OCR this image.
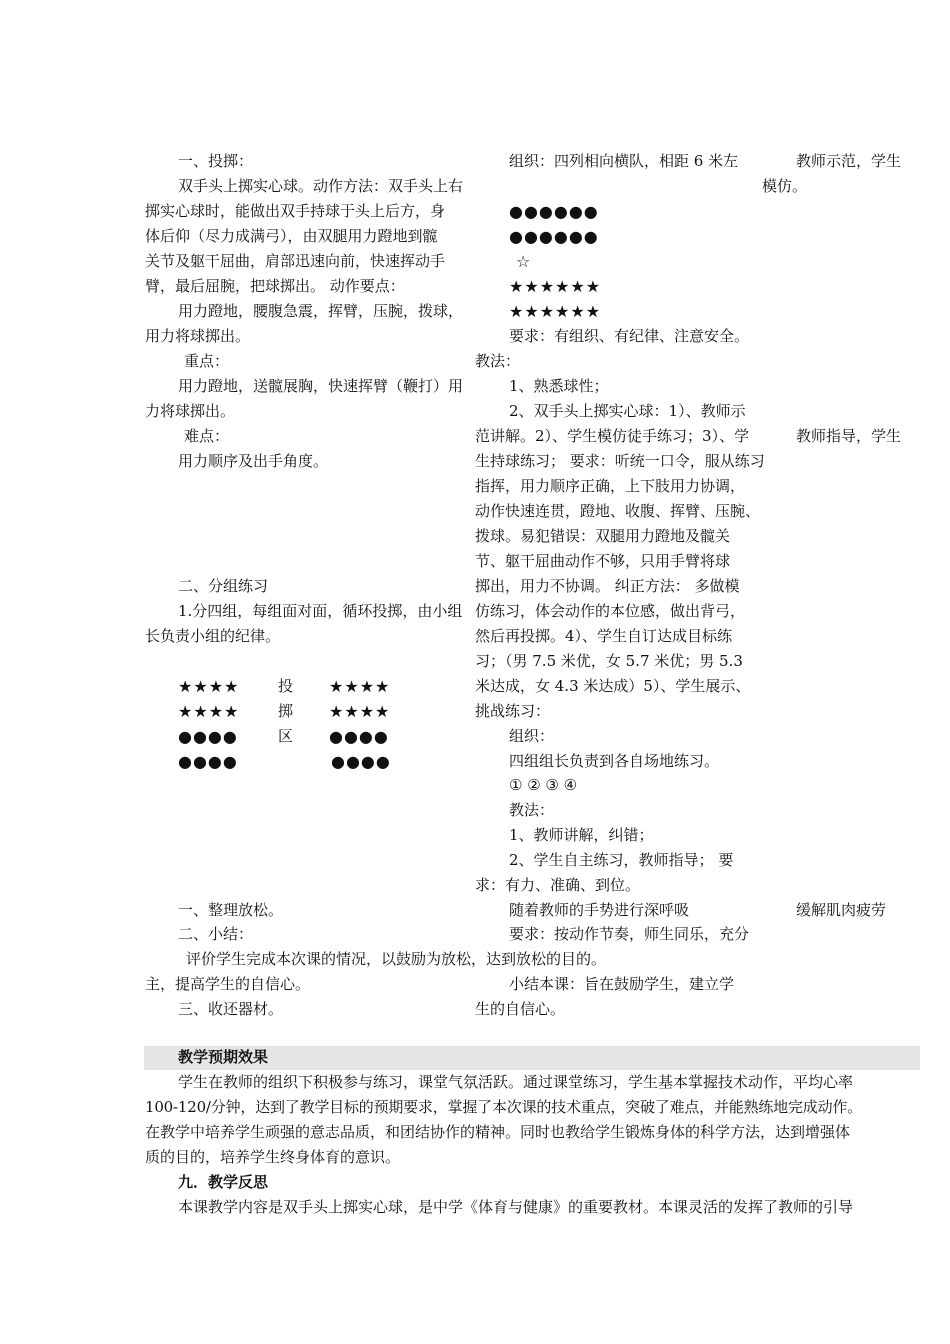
一、投掷：
双手头上掷实心球。动作方法：双手头上右
掷实心球时，能做出双手持球于头上后方，身
体后仰（尽力成满弓），由双腿用力蹬地到髋
关节及躯干屈曲，肩部迅速向前，快速挥动手
臂，最后屈腕，把球掷出。 动作要点：
用力蹬地，腰腹急震，挥臂，压腕，拨球，
用力将球掷出。
重点：
用力蹬地，送髋展胸，快速挥臂（鞭打）用
力将球掷出。
难点：
用力顺序及出手角度。
二、分组练习
1.分四组，每组面对面，循环投掷，由小组
长负责小组的纪律。
★★★★
★★★★
●●●●
●●●●
投
掷
区
★★★★
★★★★
●●●●
●●●●
一、整理放松。
二、小结：
评价学生完成本次课的情况，以鼓励为放松，达到放松的目的。
主，提高学生的自信心。
三、收还器材。
组织：四列相向横队，相距 6 米左
●●●●●●
●●●●●●
☆
★★★★★★
★★★★★★
要求：有组织、有纪律、注意安全。
教法：
1、熟悉球性；
2、双手头上掷实心球：1）、教师示
范讲解。2）、学生模仿徒手练习；3）、学
生持球练习； 要求：听统一口令，服从练习
指挥，用力顺序正确，上下肢用力协调，
动作快速连贯，蹬地、收腹、挥臂、压腕、
拨球。易犯错误：双腿用力蹬地及髋关
节、躯干屈曲动作不够，只用手臂将球
掷出，用力不协调。 纠正方法： 多做模
仿练习，体会动作的本位感，做出背弓，
然后再投掷。4）、学生自订达成目标练
习；（男 7.5 米优，女 5.7 米优；男 5.3
米达成，女 4.3 米达成）5）、学生展示、
挑战练习：
组织：
四组组长负责到各自场地练习。
① ② ③ ④
教法：
1、教师讲解，纠错；
2、学生自主练习，教师指导； 要
求：有力、准确、到位。
随着教师的手势进行深呼吸
要求：按动作节奏，师生同乐，充分
小结本课：旨在鼓励学生，建立学
生的自信心。
教师示范，学生
模仿。
教师指导，学生
缓解肌肉疲劳
教学预期效果
学生在教师的组织下积极参与练习，课堂气氛活跃。通过课堂练习，学生基本掌握技术动作，平均心率
100-120/分钟，达到了教学目标的预期要求，掌握了本次课的技术重点，突破了难点，并能熟练地完成动作。
在教学中培养学生顽强的意志品质，和团结协作的精神。同时也教给学生锻炼身体的科学方法，达到增强体
质的目的，培养学生终身体育的意识。
九．教学反思
本课教学内容是双手头上掷实心球，是中学《体育与健康》的重要教材。本课灵活的发挥了教师的引导
